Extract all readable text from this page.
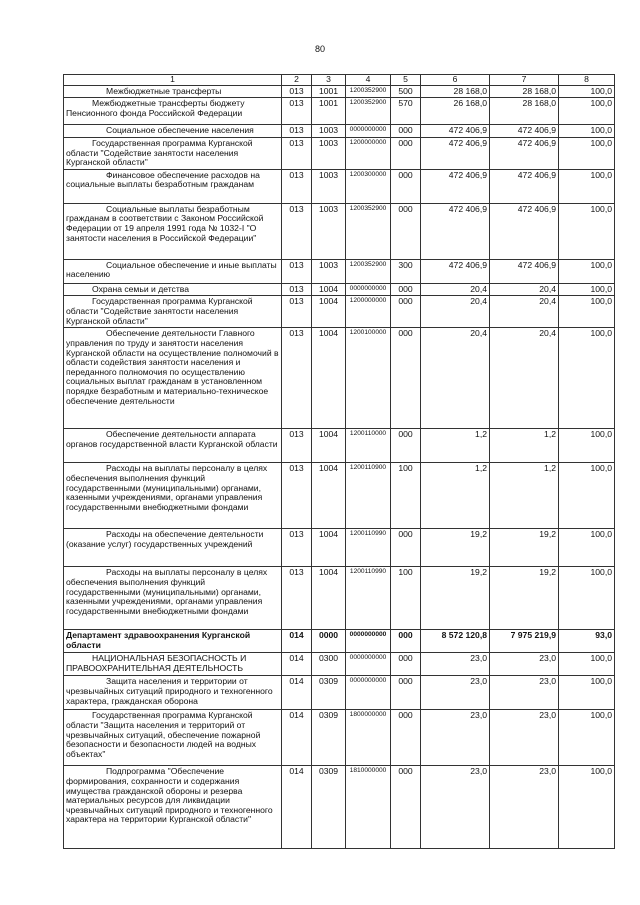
80
1	2	3	4	5	6	7	8
Межбюджетные трансферты	013	1001	1200352900	500	28 168,0	28 168,0	100,0
Межбюджетные трансферты бюджету Пенсионного фонда Российской Федерации	013	1001	1200352900	570	26 168,0	28 168,0	100,0
Социальное обеспечение населения	013	1003	0000000000	000	472 406,9	472 406,9	100,0
Государственная программа Курганской области "Содействие занятости населения Курганской области"	013	1003	1200000000	000	472 406,9	472 406,9	100,0
Финансовое обеспечение расходов на социальные выплаты безработным гражданам	013	1003	1200300000	000	472 406,9	472 406,9	100,0
Социальные выплаты безработным гражданам в соответствии с Законом Российской Федерации от 19 апреля 1991 года № 1032-I "О занятости населения в Российской Федерации"	013	1003	1200352900	000	472 406,9	472 406,9	100,0
Социальное обеспечение и иные выплаты населению	013	1003	1200352900	300	472 406,9	472 406,9	100,0
Охрана семьи и детства	013	1004	0000000000	000	20,4	20,4	100,0
Государственная программа Курганской области "Содействие занятости населения Курганской области"	013	1004	1200000000	000	20,4	20,4	100,0
Обеспечение деятельности Главного управления по труду и занятости населения Курганской области на осуществление полномочий в области содействия занятости населения и переданного полномочия по осуществлению социальных выплат гражданам в установленном порядке безработным и материально-техническое обеспечение деятельности	013	1004	1200100000	000	20,4	20,4	100,0
Обеспечение деятельности аппарата органов государственной власти Курганской области	013	1004	1200110000	000	1,2	1,2	100,0
Расходы на выплаты персоналу в целях обеспечения выполнения функций государственными (муниципальными) органами, казенными учреждениями, органами управления государственными внебюджетными фондами	013	1004	1200110900	100	1,2	1,2	100,0
Расходы на обеспечение деятельности (оказание услуг) государственных учреждений	013	1004	1200110990	000	19,2	19,2	100,0
Расходы на выплаты персоналу в целях обеспечения выполнения функций государственными (муниципальными) органами, казенными учреждениями, органами управления государственными внебюджетными фондами	013	1004	1200110990	100	19,2	19,2	100,0
Департамент здравоохранения Курганской области	014	0000	0000000000	000	8 572 120,8	7 975 219,9	93,0
НАЦИОНАЛЬНАЯ БЕЗОПАСНОСТЬ И ПРАВООХРАНИТЕЛЬНАЯ ДЕЯТЕЛЬНОСТЬ	014	0300	0000000000	000	23,0	23,0	100,0
Защита населения и территории от чрезвычайных ситуаций природного и техногенного характера, гражданская оборона	014	0309	0000000000	000	23,0	23,0	100,0
Государственная программа Курганской области "Защита населения и территорий от чрезвычайных ситуаций, обеспечение пожарной безопасности и безопасности людей на водных объектах"	014	0309	1800000000	000	23,0	23,0	100,0
Подпрограмма "Обеспечение формирования, сохранности и содержания имущества гражданской обороны и резерва материальных ресурсов для ликвидации чрезвычайных ситуаций природного и техногенного характера на территории Курганской области"	014	0309	1810000000	000	23,0	23,0	100,0
